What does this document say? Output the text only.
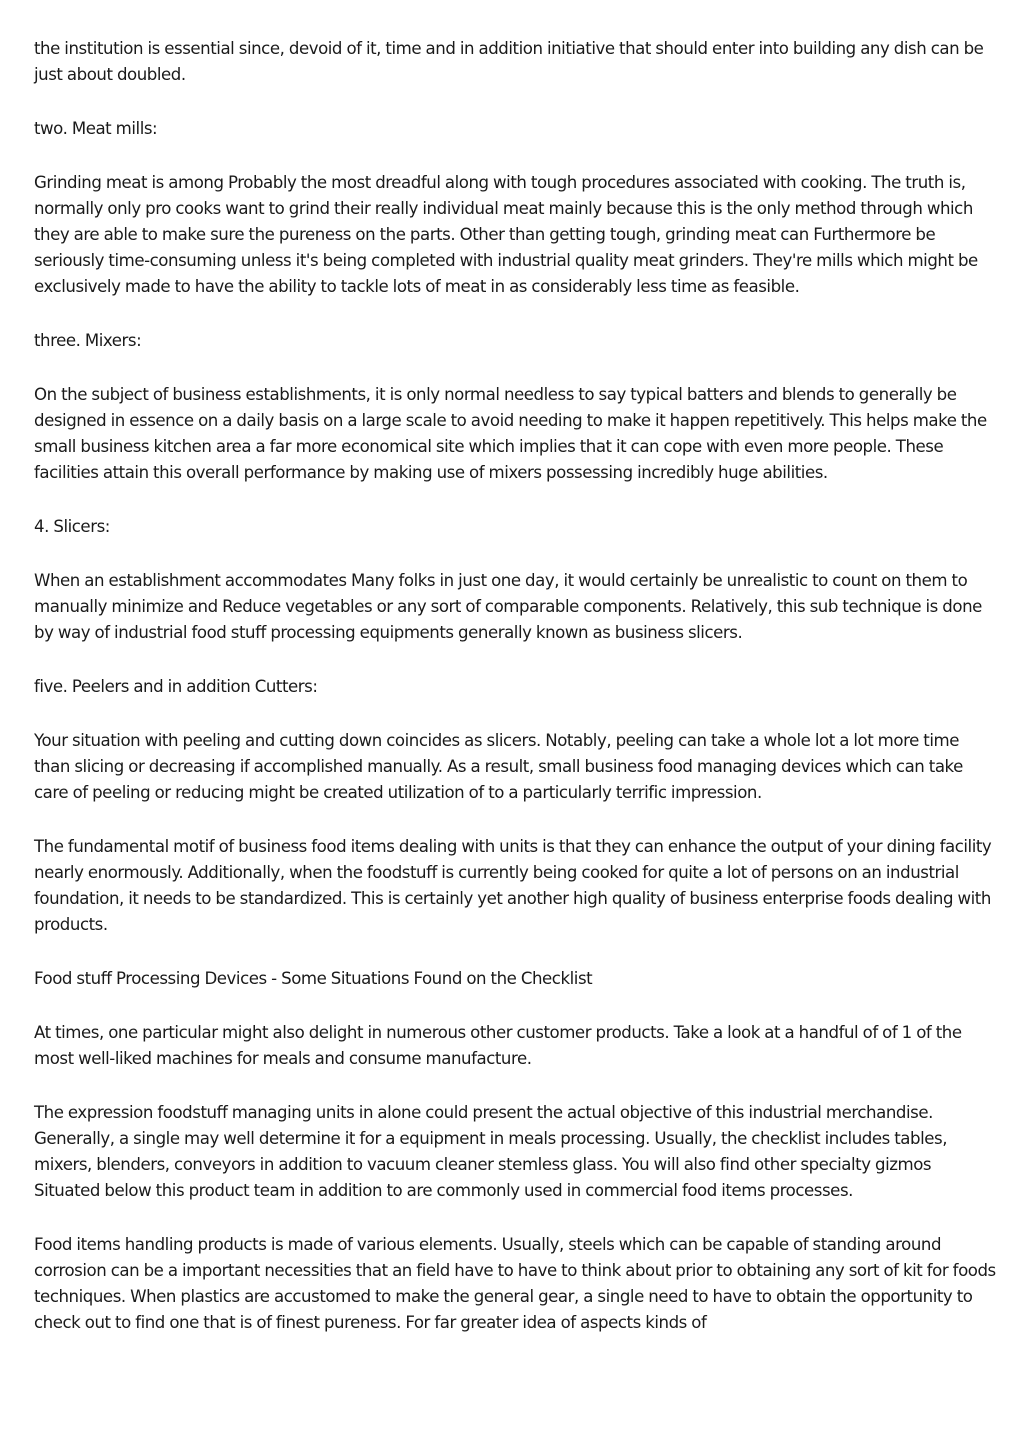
the institution is essential since, devoid of it, time and in addition initiative that should enter into building any dish can be just about doubled.

two. Meat mills:

Grinding meat is among Probably the most dreadful along with tough procedures associated with cooking. The truth is, normally only pro cooks want to grind their really individual meat mainly because this is the only method through which they are able to make sure the pureness on the parts. Other than getting tough, grinding meat can Furthermore be seriously time-consuming unless it's being completed with industrial quality meat grinders. They're mills which might be exclusively made to have the ability to tackle lots of meat in as considerably less time as feasible.

three. Mixers:

On the subject of business establishments, it is only normal needless to say typical batters and blends to generally be designed in essence on a daily basis on a large scale to avoid needing to make it happen repetitively. This helps make the small business kitchen area a far more economical site which implies that it can cope with even more people. These facilities attain this overall performance by making use of mixers possessing incredibly huge abilities.

4. Slicers:

When an establishment accommodates Many folks in just one day, it would certainly be unrealistic to count on them to manually minimize and Reduce vegetables or any sort of comparable components. Relatively, this sub technique is done by way of industrial food stuff processing equipments generally known as business slicers.

five. Peelers and in addition Cutters:

Your situation with peeling and cutting down coincides as slicers. Notably, peeling can take a whole lot a lot more time than slicing or decreasing if accomplished manually. As a result, small business food managing devices which can take care of peeling or reducing might be created utilization of to a particularly terrific impression.

The fundamental motif of business food items dealing with units is that they can enhance the output of your dining facility nearly enormously. Additionally, when the foodstuff is currently being cooked for quite a lot of persons on an industrial foundation, it needs to be standardized. This is certainly yet another high quality of business enterprise foods dealing with products.

Food stuff Processing Devices - Some Situations Found on the Checklist

At times, one particular might also delight in numerous other customer products. Take a look at a handful of of 1 of the most well-liked machines for meals and consume manufacture.

The expression foodstuff managing units in alone could present the actual objective of this industrial merchandise. Generally, a single may well determine it for a equipment in meals processing. Usually, the checklist includes tables, mixers, blenders, conveyors in addition to vacuum cleaner stemless glass. You will also find other specialty gizmos Situated below this product team in addition to are commonly used in commercial food items processes.

Food items handling products is made of various elements. Usually, steels which can be capable of standing around corrosion can be a important necessities that an field have to have to think about prior to obtaining any sort of kit for foods techniques. When plastics are accustomed to make the general gear, a single need to have to obtain the opportunity to check out to find one that is of finest pureness. For far greater idea of aspects kinds of
